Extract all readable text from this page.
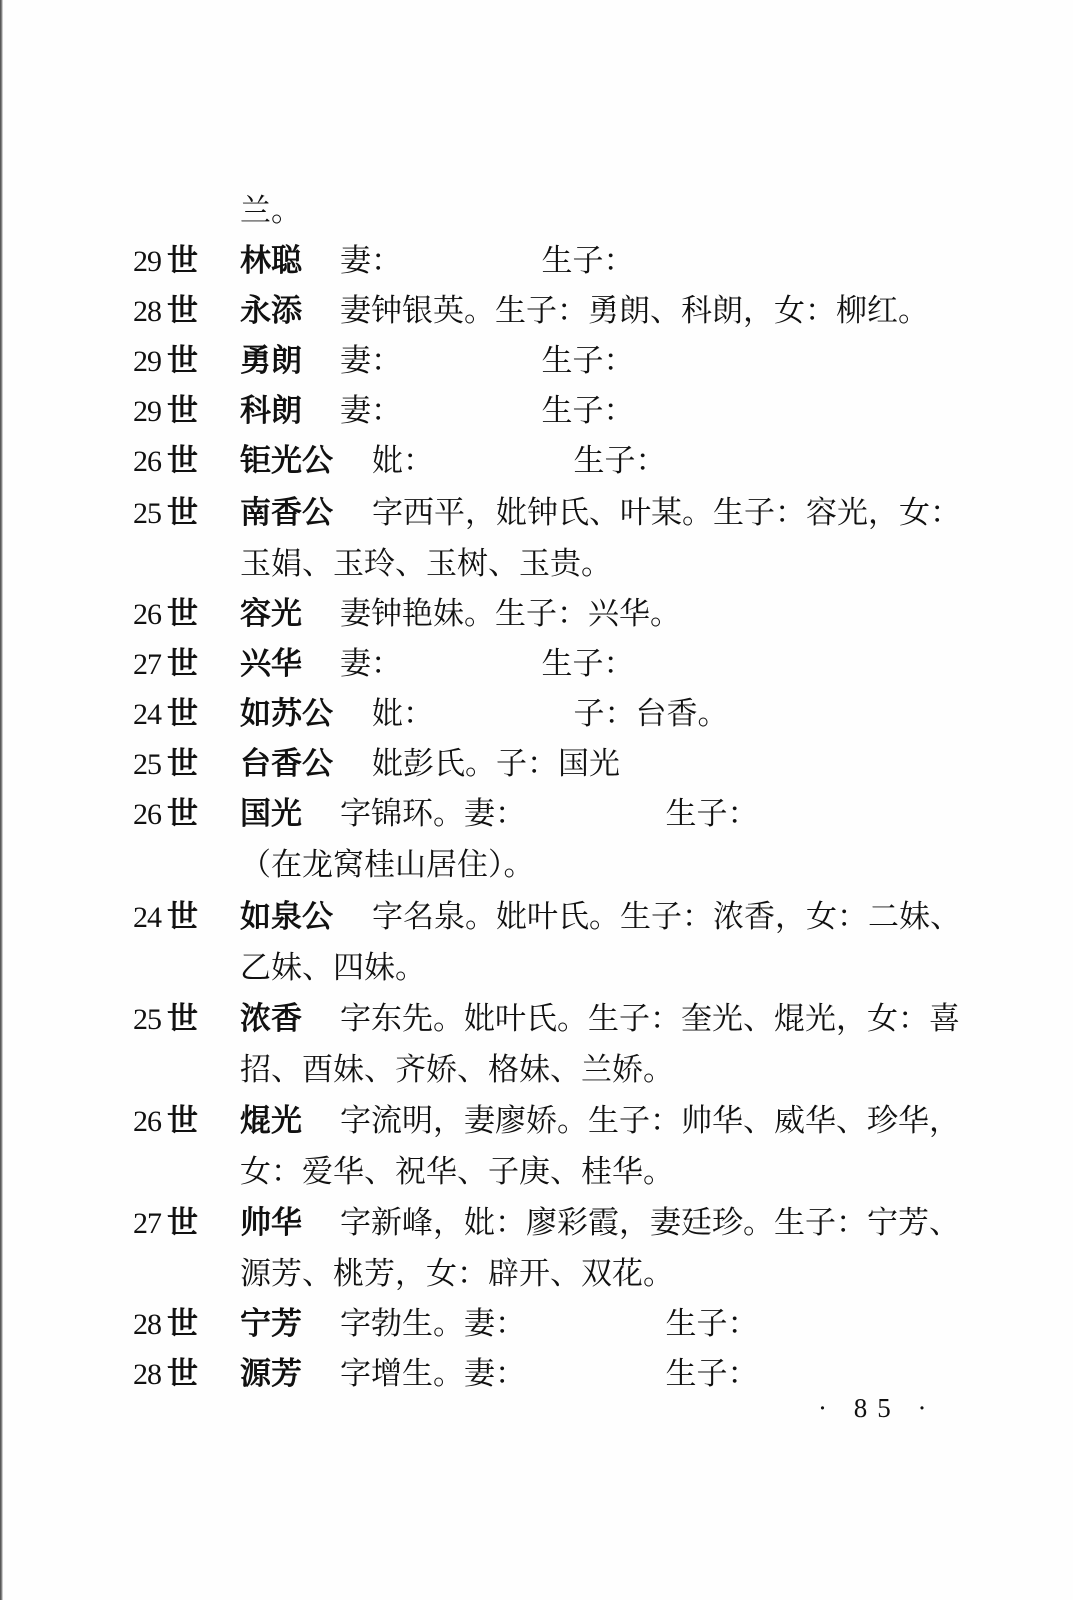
兰。
29 世	林聪 妻：　　　　　生子：
28 世	永添 妻钟银英。生子：勇朗、科朗，女：柳红。
29 世	勇朗 妻：　　　　　生子：
29 世	科朗 妻：　　　　　生子：
26 世	钜光公 妣：　　　　　生子：
25 世	南香公 字西平，妣钟氏、叶某。生子：容光，女：
玉娟、玉玲、玉树、玉贵。
26 世	容光 妻钟艳妹。生子：兴华。
27 世	兴华 妻：　　　　　生子：
24 世	如苏公 妣：　　　　　子：台香。
25 世	台香公 妣彭氏。子：国光
26 世	国光 字锦环。妻：　　　　　生子：
（在龙窝桂山居住）。
24 世	如泉公 字名泉。妣叶氏。生子：浓香，女：二妹、
乙妹、四妹。
25 世	浓香 字东先。妣叶氏。生子：奎光、焜光，女：喜
招、酉妹、齐娇、格妹、兰娇。
26 世	焜光 字流明，妻廖娇。生子：帅华、威华、珍华，
女：爱华、祝华、子庚、桂华。
27 世	帅华 字新峰，妣：廖彩霞，妻廷珍。生子：宁芳、
源芳、桃芳，女：辟开、双花。
28 世	宁芳 字勃生。妻：　　　　　生子：
28 世	源芳 字增生。妻：　　　　　生子：
· 85 ·
